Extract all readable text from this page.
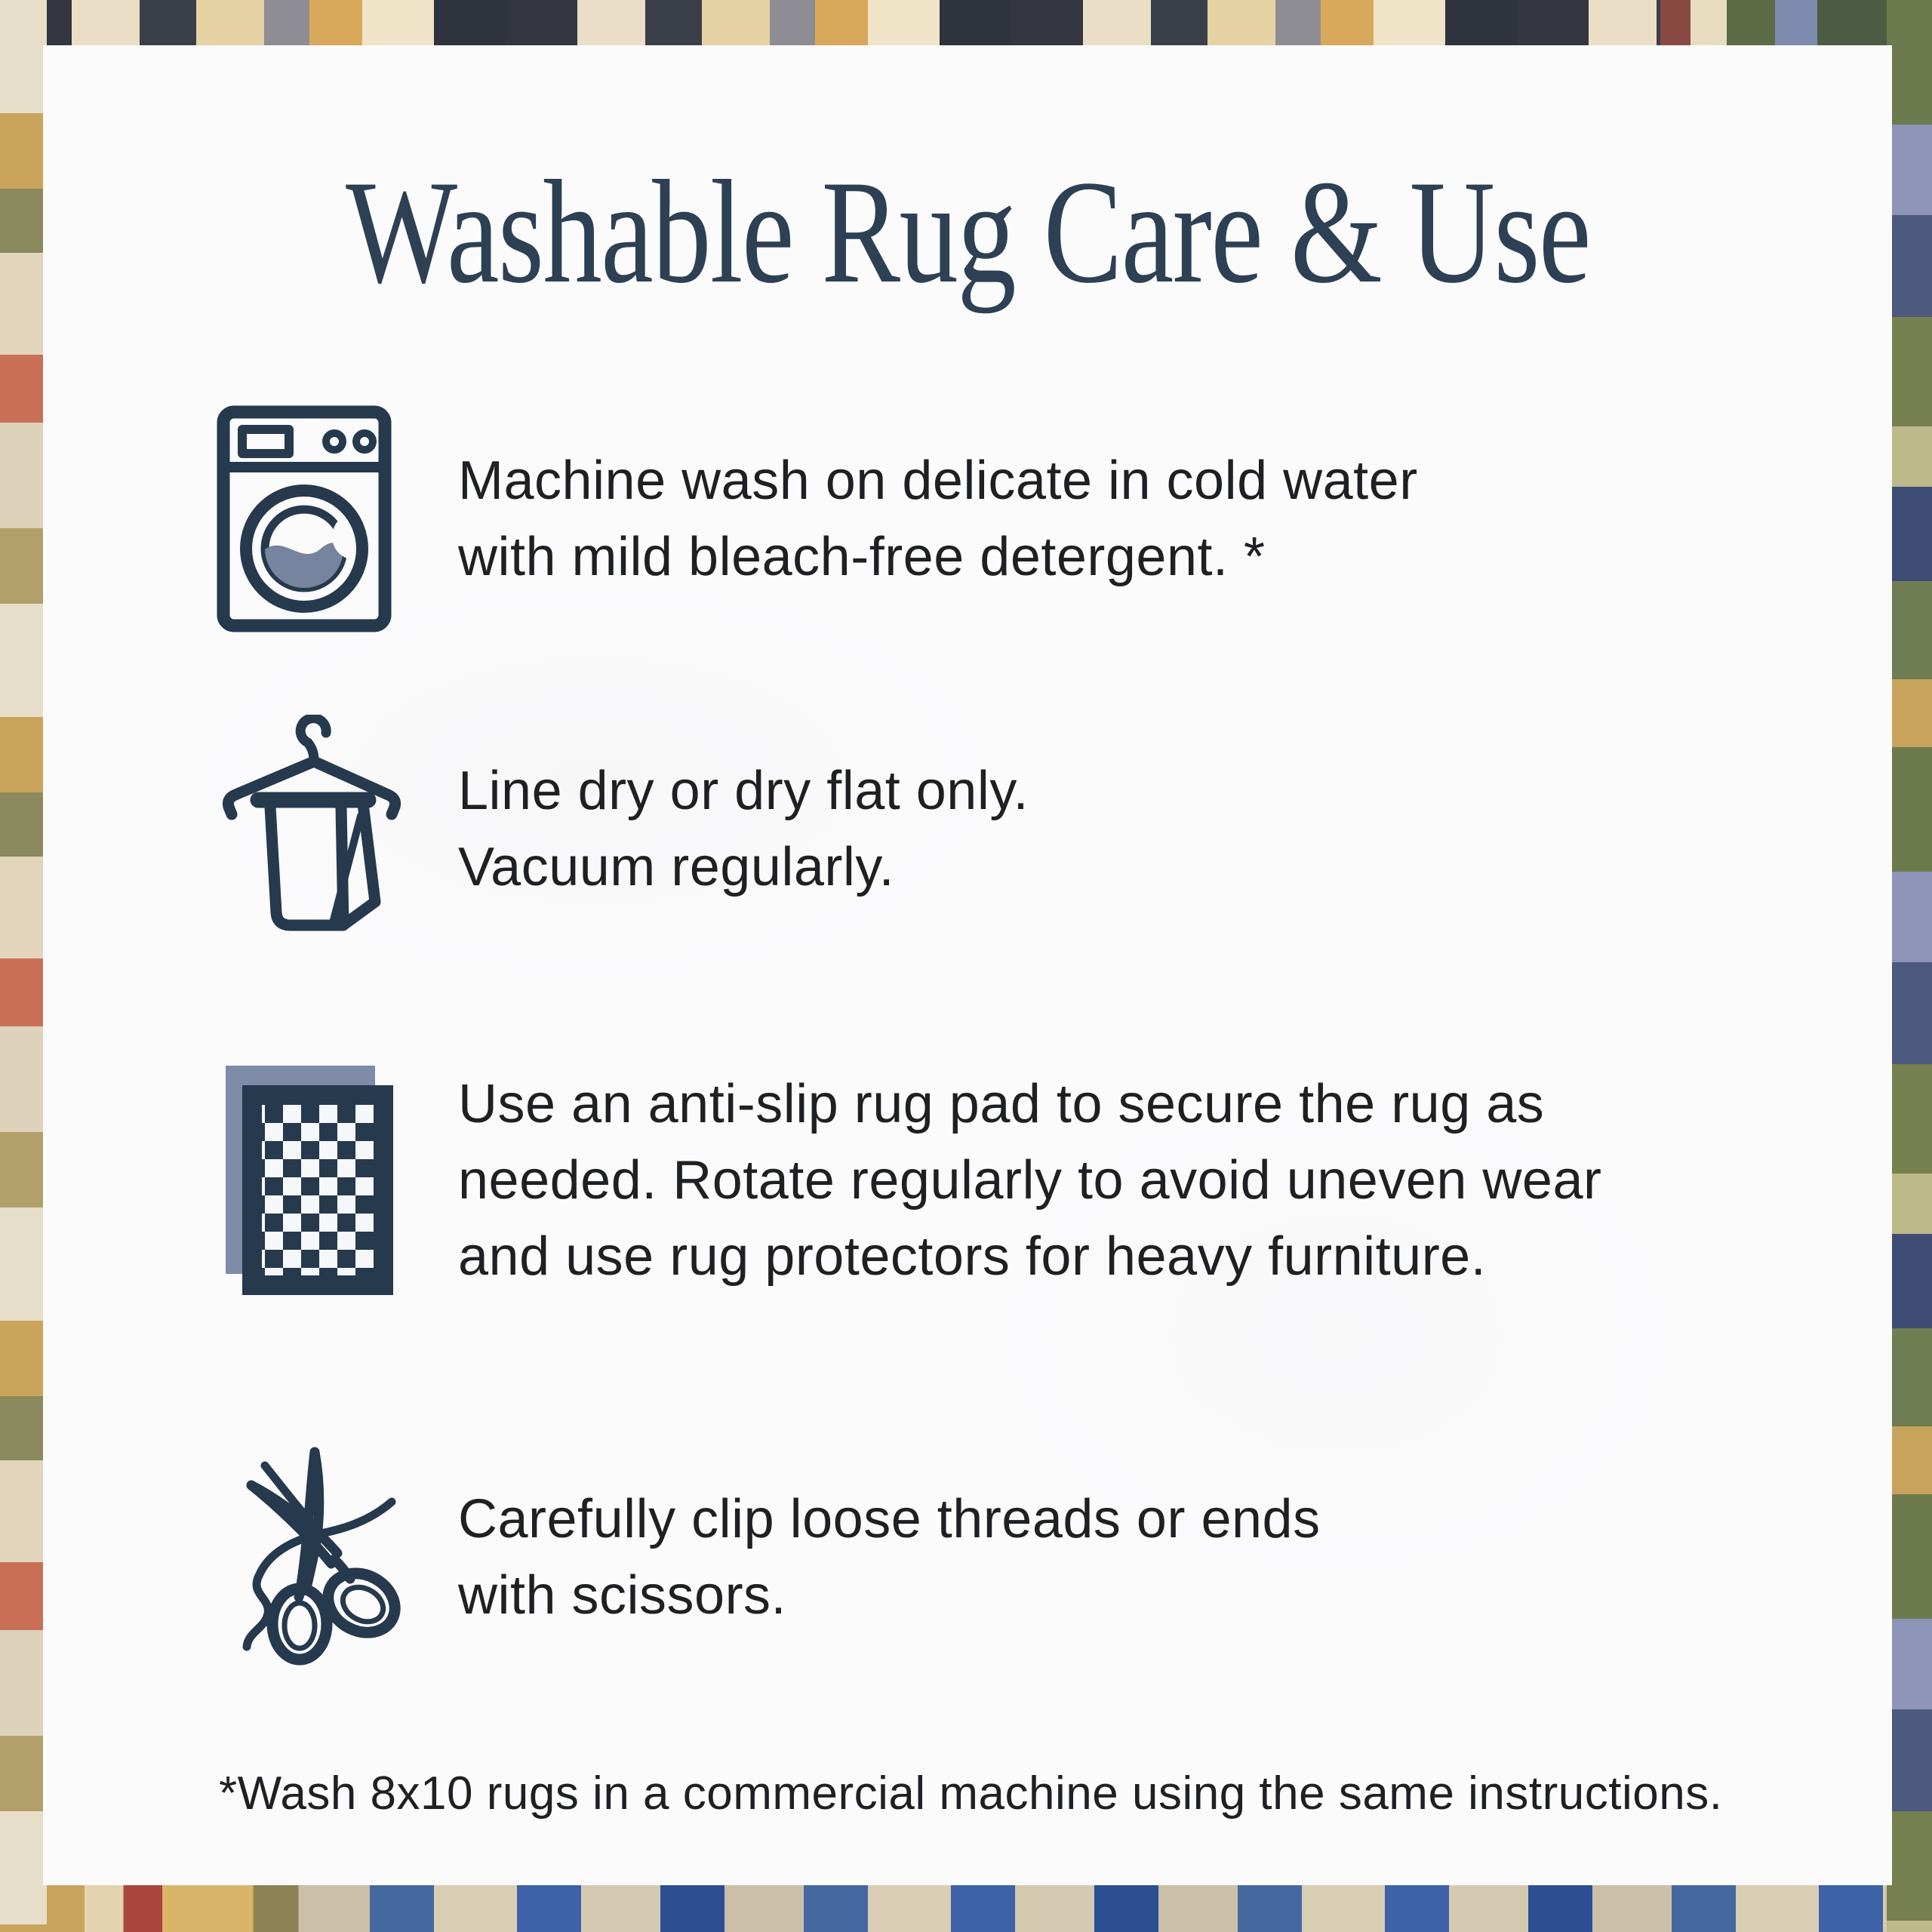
Washable Rug Care & Use
Machine wash on delicate in cold water
with mild bleach-free detergent. *
Line dry or dry flat only.
Vacuum regularly.
Use an anti-slip rug pad to secure the rug as
needed. Rotate regularly to avoid uneven wear
and use rug protectors for heavy furniture.
Carefully clip loose threads or ends
with scissors.
*Wash 8x10 rugs in a commercial machine using the same instructions.
